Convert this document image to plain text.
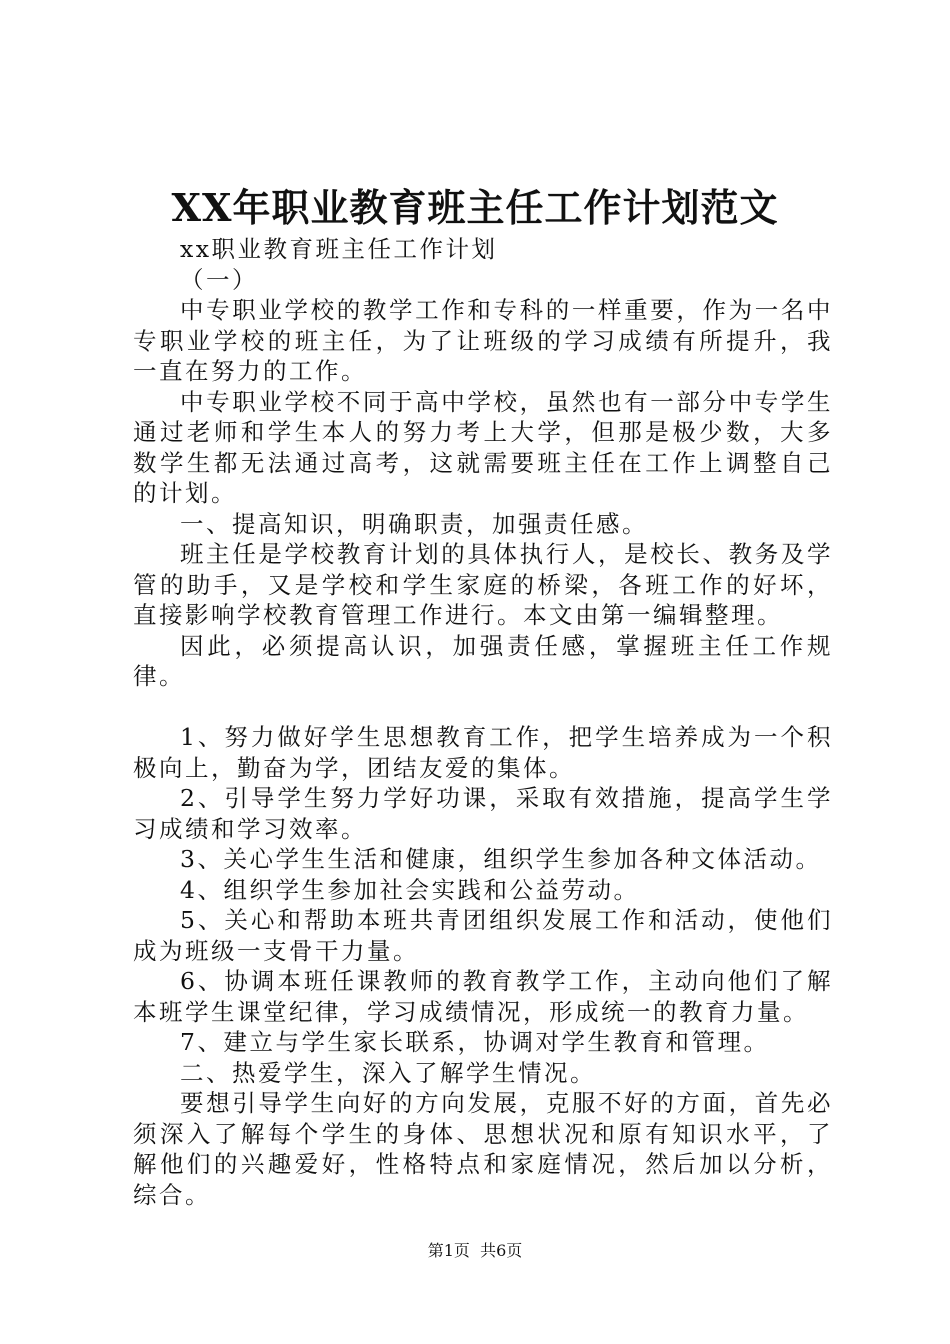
XX年职业教育班主任工作计划范文

xx职业教育班主任工作计划

（一）

中专职业学校的教学工作和专科的一样重要，作为一名中专职业学校的班主任，为了让班级的学习成绩有所提升，我一直在努力的工作。

中专职业学校不同于高中学校，虽然也有一部分中专学生通过老师和学生本人的努力考上大学，但那是极少数，大多数学生都无法通过高考，这就需要班主任在工作上调整自己的计划。

一、提高知识，明确职责，加强责任感。

班主任是学校教育计划的具体执行人，是校长、教务及学管的助手，又是学校和学生家庭的桥梁，各班工作的好坏，直接影响学校教育管理工作进行。本文由第一编辑整理。

因此，必须提高认识，加强责任感，掌握班主任工作规律。

1、努力做好学生思想教育工作，把学生培养成为一个积极向上，勤奋为学，团结友爱的集体。

2、引导学生努力学好功课，采取有效措施，提高学生学习成绩和学习效率。

3、关心学生生活和健康，组织学生参加各种文体活动。

4、组织学生参加社会实践和公益劳动。

5、关心和帮助本班共青团组织发展工作和活动，使他们成为班级一支骨干力量。

6、协调本班任课教师的教育教学工作，主动向他们了解本班学生课堂纪律，学习成绩情况，形成统一的教育力量。

7、建立与学生家长联系，协调对学生教育和管理。

二、热爱学生，深入了解学生情况。

要想引导学生向好的方向发展，克服不好的方面，首先必须深入了解每个学生的身体、思想状况和原有知识水平，了解他们的兴趣爱好，性格特点和家庭情况，然后加以分析，综合。

第1页  共6页
